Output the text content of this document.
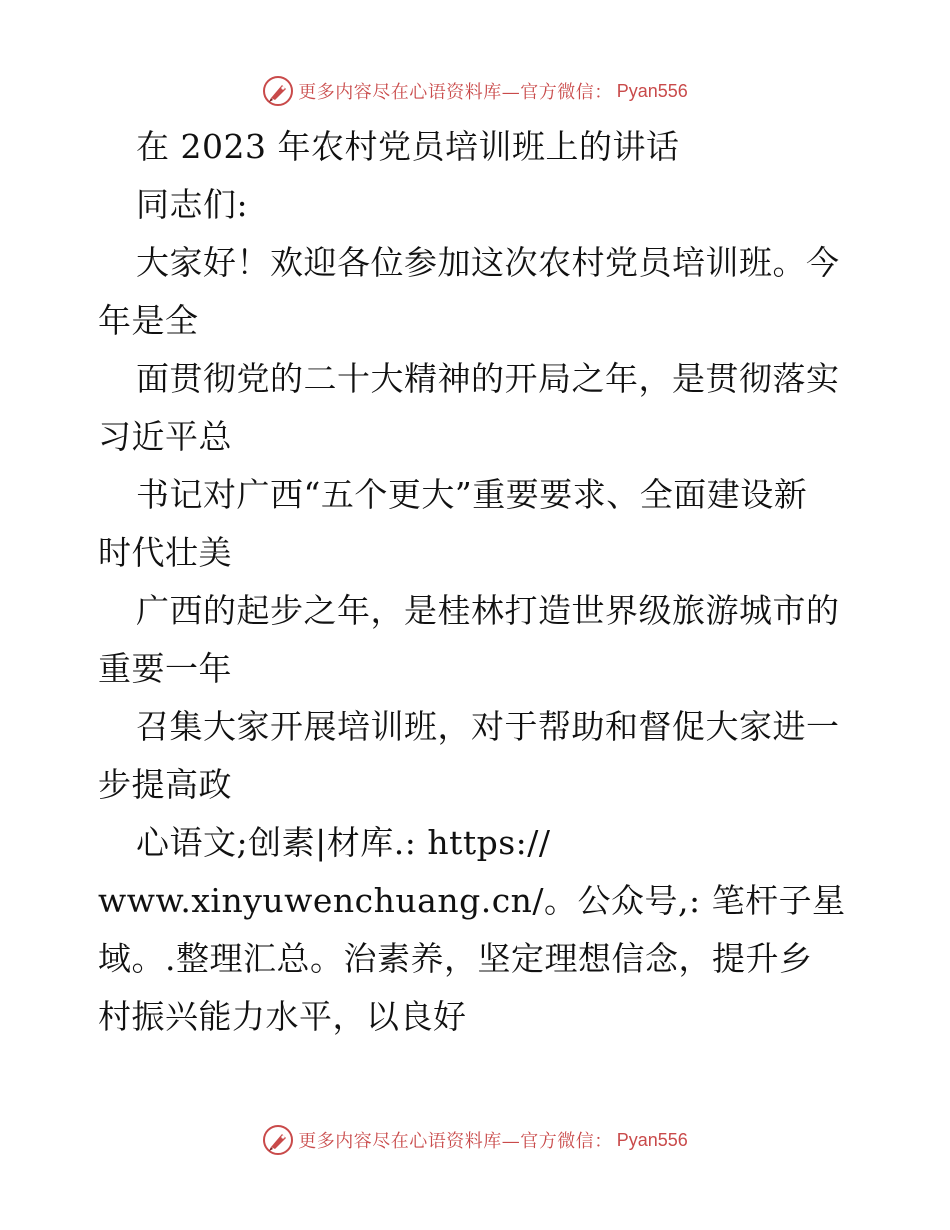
更多内容尽在心语资料库—官方微信： Pyan556
在 2023 年农村党员培训班上的讲话
同志们:
大家好！欢迎各位参加这次农村党员培训班。今
年是全
面贯彻党的二十大精神的开局之年，是贯彻落实
习近平总
书记对广西“五个更大”重要要求、全面建设新
时代壮美
广西的起步之年，是桂林打造世界级旅游城市的
重要一年
召集大家开展培训班，对于帮助和督促大家进一
步提高政
心语文;创素|材库.: https://
www.xinyuwenchuang.cn/。公众号,: 笔杆子星
域。.整理汇总。治素养，坚定理想信念，提升乡
村振兴能力水平，以良好
更多内容尽在心语资料库—官方微信： Pyan556
